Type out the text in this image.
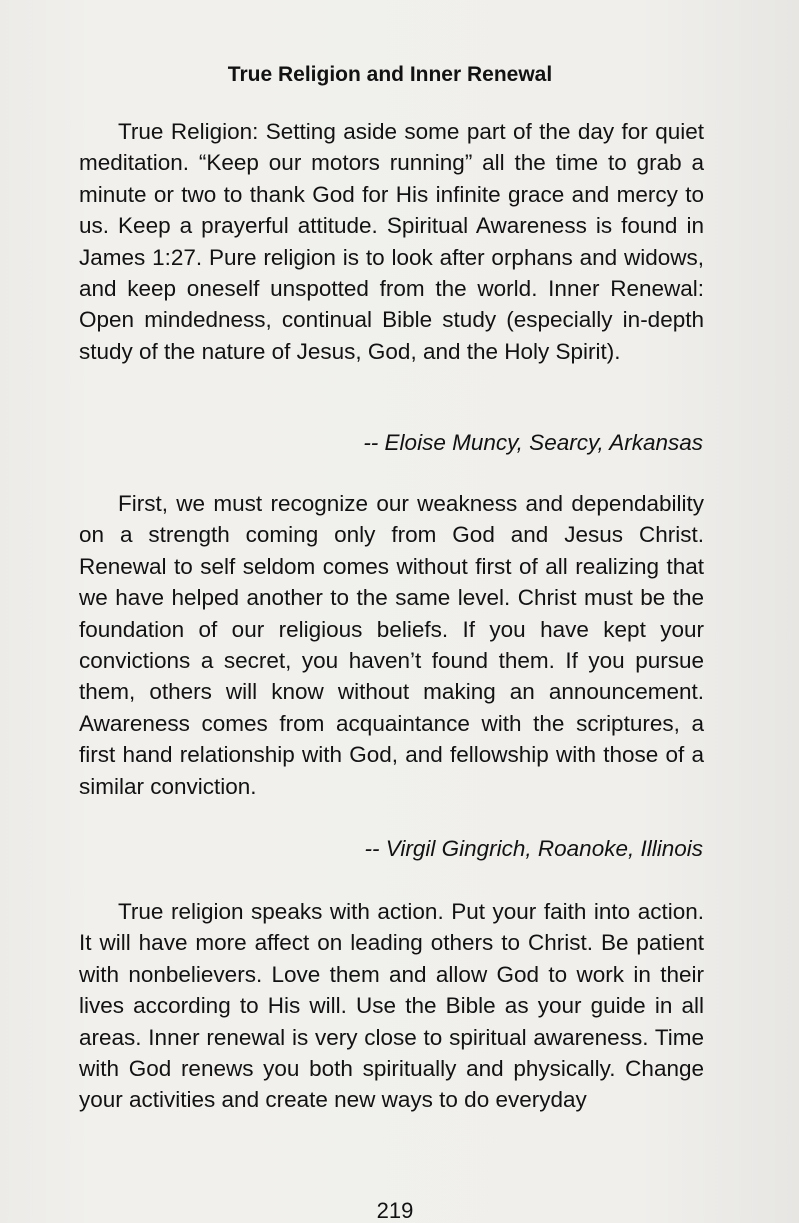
True Religion and Inner Renewal

True Religion: Setting aside some part of the day for quiet meditation. “Keep our motors running” all the time to grab a minute or two to thank God for His infinite grace and mercy to us. Keep a prayerful attitude. Spiritual Awareness is found in James 1:27. Pure religion is to look after orphans and widows, and keep oneself unspotted from the world. Inner Renewal: Open mindedness, continual Bible study (especially in-depth study of the nature of Jesus, God, and the Holy Spirit).

-- Eloise Muncy, Searcy, Arkansas

First, we must recognize our weakness and dependability on a strength coming only from God and Jesus Christ. Renewal to self seldom comes without first of all realizing that we have helped another to the same level. Christ must be the foundation of our religious beliefs. If you have kept your convictions a secret, you haven’t found them. If you pursue them, others will know without making an announcement. Awareness comes from acquaintance with the scriptures, a first hand relationship with God, and fellowship with those of a similar conviction.

-- Virgil Gingrich, Roanoke, Illinois

True religion speaks with action. Put your faith into action. It will have more affect on leading others to Christ. Be patient with nonbelievers. Love them and allow God to work in their lives according to His will. Use the Bible as your guide in all areas. Inner renewal is very close to spiritual awareness. Time with God renews you both spiritually and physically. Change your activities and create new ways to do everyday

219
